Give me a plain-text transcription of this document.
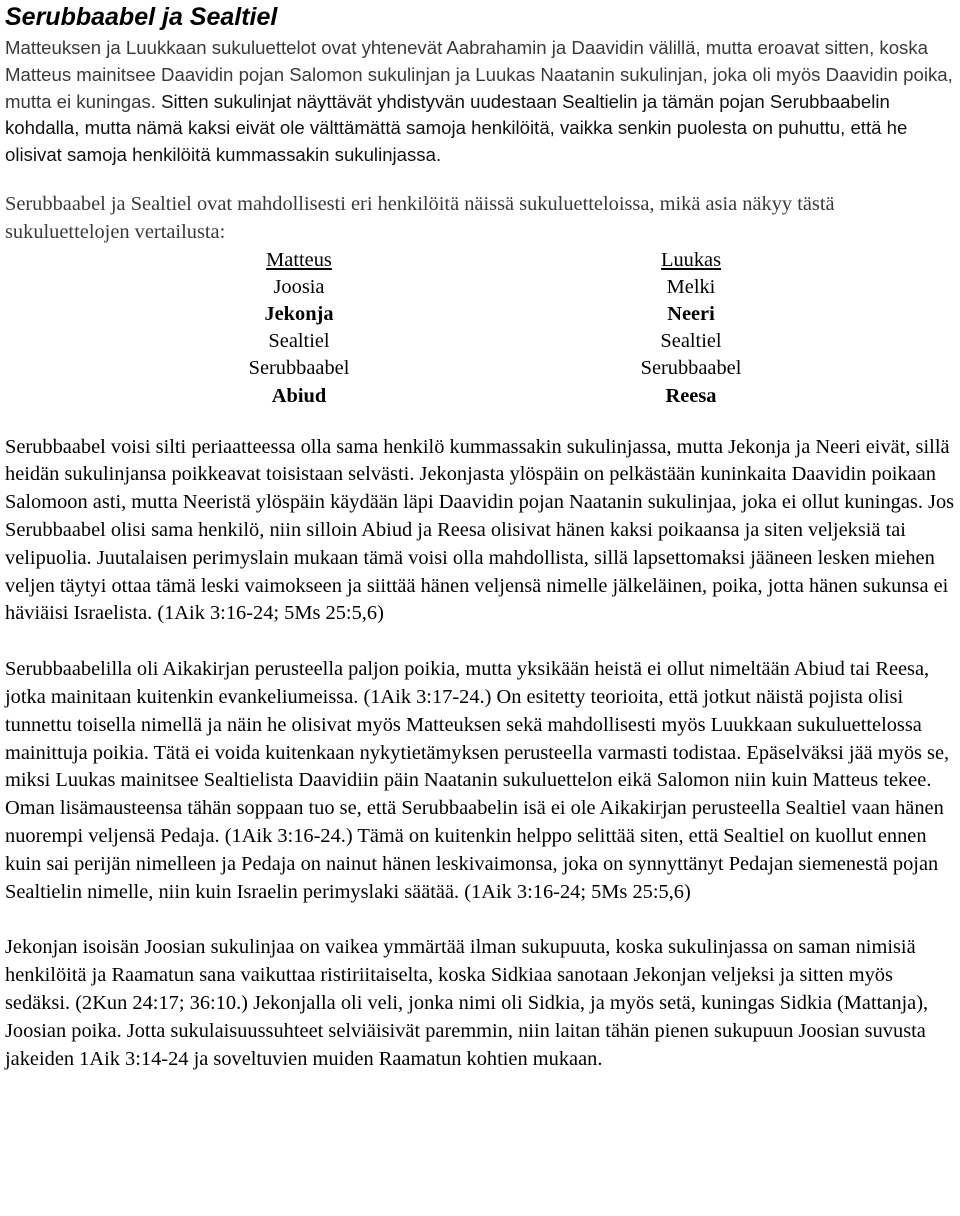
Serubbaabel ja Sealtiel

Matteuksen ja Luukkaan sukuluettelot ovat yhtenevät Aabrahamin ja Daavidin välillä, mutta eroavat sitten, koska Matteus mainitsee Daavidin pojan Salomon sukulinjan ja Luukas Naatanin sukulinjan, joka oli myös Daavidin poika, mutta ei kuningas. Sitten sukulinjat näyttävät yhdistyvän uudestaan Sealtielin ja tämän pojan Serubbaabelin kohdalla, mutta nämä kaksi eivät ole välttämättä samoja henkilöitä, vaikka senkin puolesta on puhuttu, että he olisivat samoja henkilöitä kummassakin sukulinjassa.

Serubbaabel ja Sealtiel ovat mahdollisesti eri henkilöitä näissä sukuluetteloissa, mikä asia näkyy tästä sukuluettelojen vertailusta:

Matteus
Joosia
Jekonja
Sealtiel
Serubbaabel
Abiud
Luukas
Melki
Neeri
Sealtiel
Serubbaabel
Reesa

Serubbaabel voisi silti periaatteessa olla sama henkilö kummassakin sukulinjassa, mutta Jekonja ja Neeri eivät, sillä heidän sukulinjansa poikkeavat toisistaan selvästi. Jekonjasta ylöspäin on pelkästään kuninkaita Daavidin poikaan Salomoon asti, mutta Neeristä ylöspäin käydään läpi Daavidin pojan Naatanin sukulinjaa, joka ei ollut kuningas. Jos Serubbaabel olisi sama henkilö, niin silloin Abiud ja Reesa olisivat hänen kaksi poikaansa ja siten veljeksiä tai velipuolia. Juutalaisen perimyslain mukaan tämä voisi olla mahdollista, sillä lapsettomaksi jääneen lesken miehen veljen täytyi ottaa tämä leski vaimokseen ja siittää hänen veljensä nimelle jälkeläinen, poika, jotta hänen sukunsa ei häviäisi Israelista. (1Aik 3:16-24; 5Ms 25:5,6)

Serubbaabelilla oli Aikakirjan perusteella paljon poikia, mutta yksikään heistä ei ollut nimeltään Abiud tai Reesa, jotka mainitaan kuitenkin evankeliumeissa. (1Aik 3:17-24.) On esitetty teorioita, että jotkut näistä pojista olisi tunnettu toisella nimellä ja näin he olisivat myös Matteuksen sekä mahdollisesti myös Luukkaan sukuluettelossa mainittuja poikia. Tätä ei voida kuitenkaan nykytietämyksen perusteella varmasti todistaa. Epäselväksi jää myös se, miksi Luukas mainitsee Sealtielista Daavidiin päin Naatanin sukuluettelon eikä Salomon niin kuin Matteus tekee. Oman lisämausteensa tähän soppaan tuo se, että Serubbaabelin isä ei ole Aikakirjan perusteella Sealtiel vaan hänen nuorempi veljensä Pedaja. (1Aik 3:16-24.) Tämä on kuitenkin helppo selittää siten, että Sealtiel on kuollut ennen kuin sai perijän nimelleen ja Pedaja on nainut hänen leskivaimonsa, joka on synnyttänyt Pedajan siemenestä pojan Sealtielin nimelle, niin kuin Israelin perimyslaki säätää. (1Aik 3:16-24; 5Ms 25:5,6)

Jekonjan isoisän Joosian sukulinjaa on vaikea ymmärtää ilman sukupuuta, koska sukulinjassa on saman nimisiä henkilöitä ja Raamatun sana vaikuttaa ristiriitaiselta, koska Sidkiaa sanotaan Jekonjan veljeksi ja sitten myös sedäksi. (2Kun 24:17; 36:10.) Jekonjalla oli veli, jonka nimi oli Sidkia, ja myös setä, kuningas Sidkia (Mattanja), Joosian poika. Jotta sukulaisuussuhteet selviäisivät paremmin, niin laitan tähän pienen sukupuun Joosian suvusta jakeiden 1Aik 3:14-24 ja soveltuvien muiden Raamatun kohtien mukaan.
